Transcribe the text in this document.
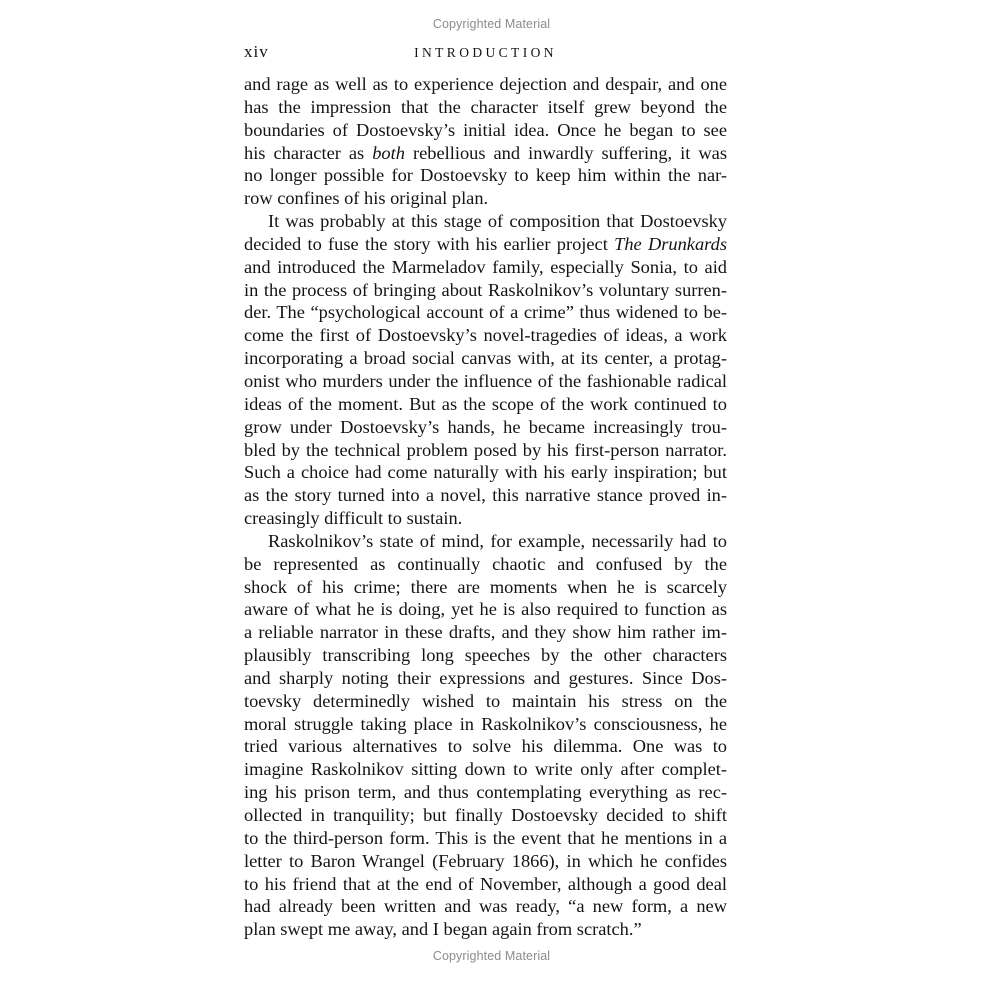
Copyrighted Material
xiv	INTRODUCTION
and rage as well as to experience dejection and despair, and one
has the impression that the character itself grew beyond the
boundaries of Dostoevsky’s initial idea. Once he began to see
his character as both rebellious and inwardly suffering, it was
no longer possible for Dostoevsky to keep him within the nar-
row confines of his original plan.
It was probably at this stage of composition that Dostoevsky
decided to fuse the story with his earlier project The Drunkards
and introduced the Marmeladov family, especially Sonia, to aid
in the process of bringing about Raskolnikov’s voluntary surren-
der. The “psychological account of a crime” thus widened to be-
come the first of Dostoevsky’s novel-tragedies of ideas, a work
incorporating a broad social canvas with, at its center, a protag-
onist who murders under the influence of the fashionable radical
ideas of the moment. But as the scope of the work continued to
grow under Dostoevsky’s hands, he became increasingly trou-
bled by the technical problem posed by his first-person narrator.
Such a choice had come naturally with his early inspiration; but
as the story turned into a novel, this narrative stance proved in-
creasingly difficult to sustain.
Raskolnikov’s state of mind, for example, necessarily had to
be represented as continually chaotic and confused by the
shock of his crime; there are moments when he is scarcely
aware of what he is doing, yet he is also required to function as
a reliable narrator in these drafts, and they show him rather im-
plausibly transcribing long speeches by the other characters
and sharply noting their expressions and gestures. Since Dos-
toevsky determinedly wished to maintain his stress on the
moral struggle taking place in Raskolnikov’s consciousness, he
tried various alternatives to solve his dilemma. One was to
imagine Raskolnikov sitting down to write only after complet-
ing his prison term, and thus contemplating everything as rec-
ollected in tranquility; but finally Dostoevsky decided to shift
to the third-person form. This is the event that he mentions in a
letter to Baron Wrangel (February 1866), in which he confides
to his friend that at the end of November, although a good deal
had already been written and was ready, “a new form, a new
plan swept me away, and I began again from scratch.”
Copyrighted Material
